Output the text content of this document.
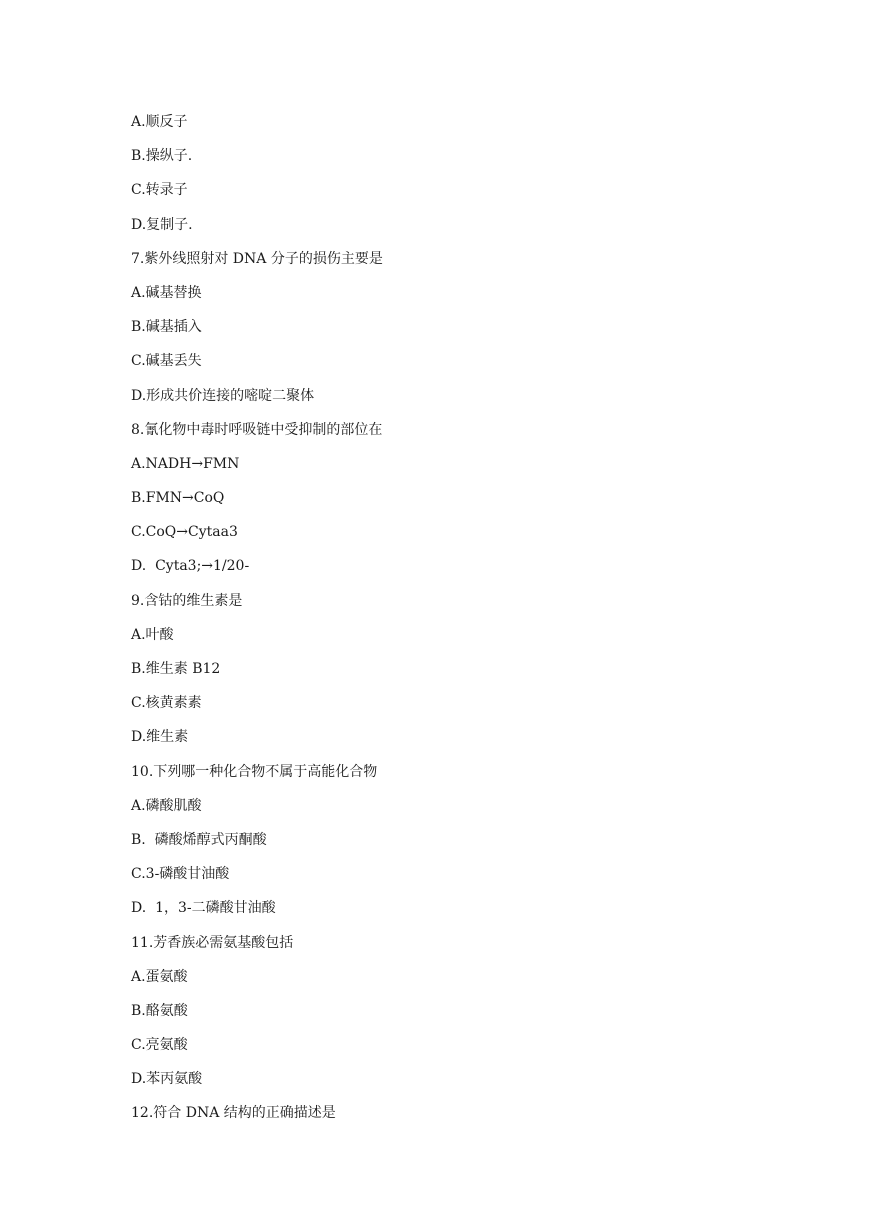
A.顺反子
B.操纵子.
C.转录子
D.复制子.
7.紫外线照射对 DNA 分子的损伤主要是
A.碱基替换
B.碱基插入
C.碱基丢失
D.形成共价连接的嘧啶二聚体
8.氰化物中毒时呼吸链中受抑制的部位在
A.NADH→FMN
B.FMN→CoQ
C.CoQ→Cytaa3
D.  Cyta3;→1/20-
9.含钴的维生素是
A.叶酸
B.维生素 B12
C.核黄素素
D.维生素
10.下列哪一种化合物不属于高能化合物
A.磷酸肌酸
B.  磷酸烯醇式丙酮酸
C.3-磷酸甘油酸
D.  1，3-二磷酸甘油酸
11.芳香族必需氨基酸包括
A.蛋氨酸
B.酪氨酸
C.亮氨酸
D.苯丙氨酸
12.符合 DNA 结构的正确描述是
